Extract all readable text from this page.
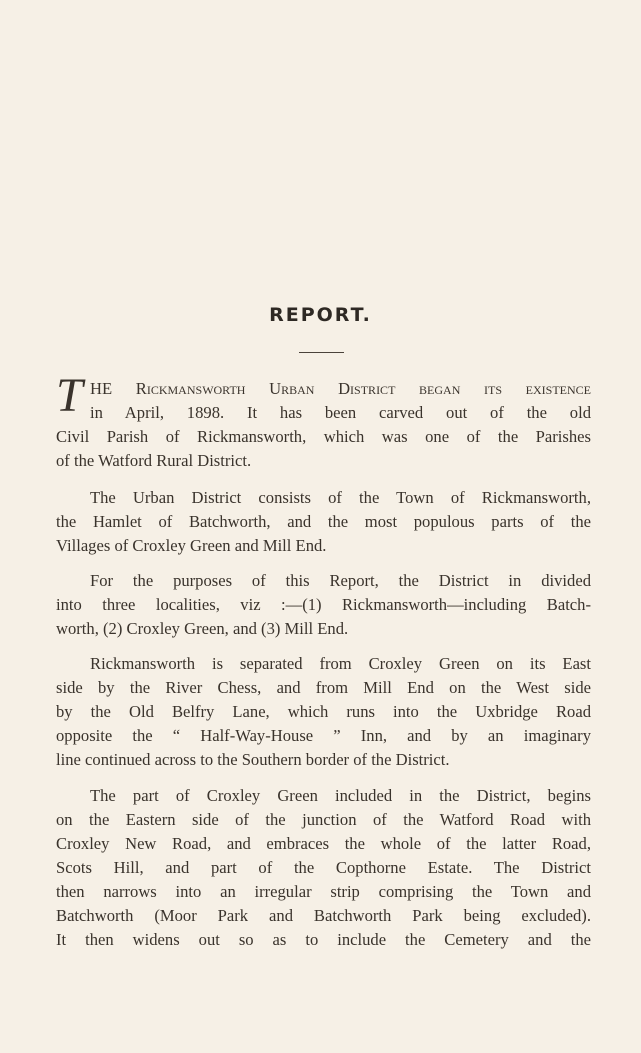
REPORT.
T HE Rickmansworth Urban District began its existence
in April, 1898. It has been carved out of the old
Civil Parish of Rickmansworth, which was one of the Parishes
of the Watford Rural District.
The Urban District consists of the Town of Rickmansworth,
the Hamlet of Batchworth, and the most populous parts of the
Villages of Croxley Green and Mill End.
For the purposes of this Report, the District in divided
into three localities, viz :—(1) Rickmansworth—including Batch-
worth, (2) Croxley Green, and (3) Mill End.
Rickmansworth is separated from Croxley Green on its East
side by the River Chess, and from Mill End on the West side
by the Old Belfry Lane, which runs into the Uxbridge Road
opposite the “ Half-Way-House ” Inn, and by an imaginary
line continued across to the Southern border of the District.
The part of Croxley Green included in the District, begins
on the Eastern side of the junction of the Watford Road with
Croxley New Road, and embraces the whole of the latter Road,
Scots Hill, and part of the Copthorne Estate. The District
then narrows into an irregular strip comprising the Town and
Batchworth (Moor Park and Batchworth Park being excluded).
It then widens out so as to include the Cemetery and the
